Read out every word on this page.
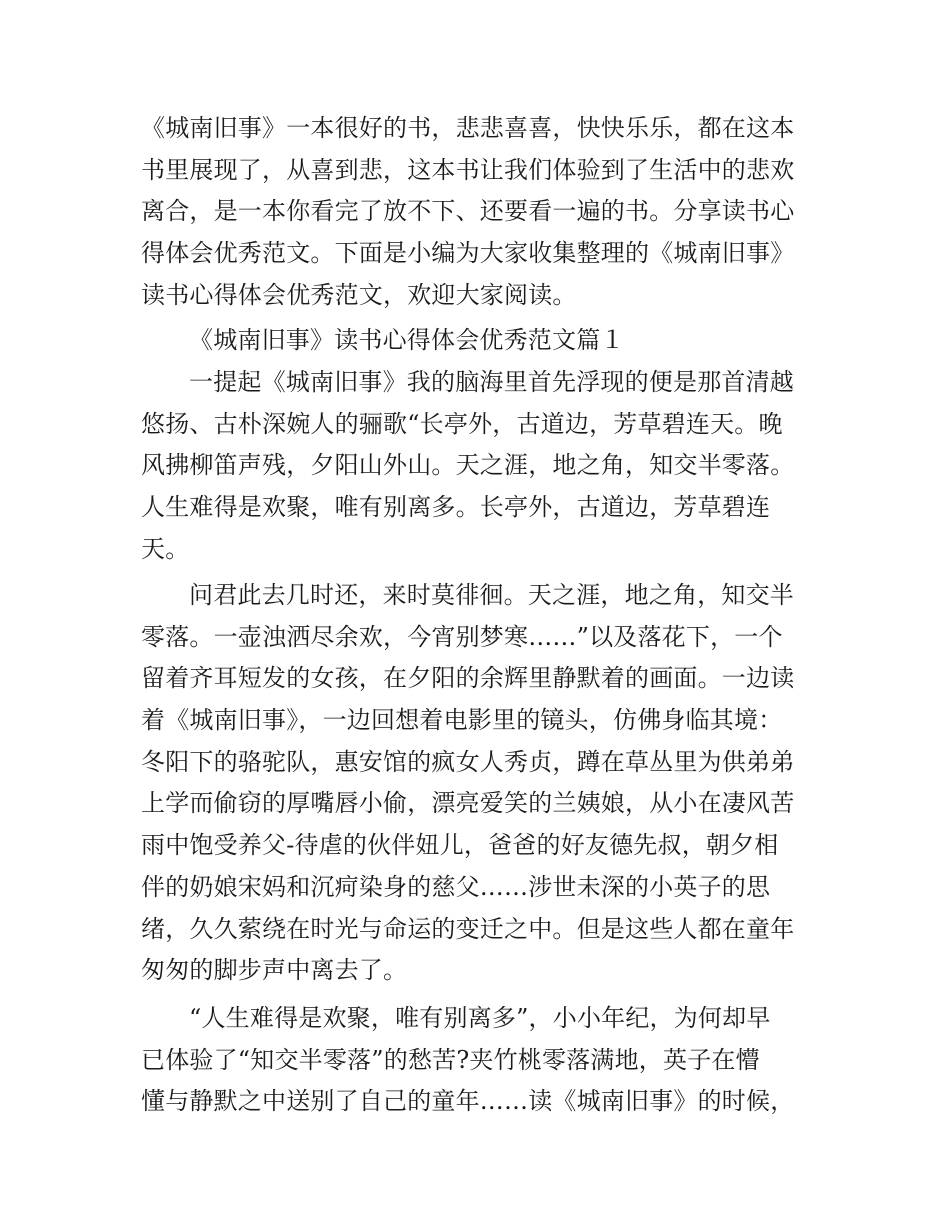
《城南旧事》一本很好的书，悲悲喜喜，快快乐乐，都在这本
书里展现了，从喜到悲，这本书让我们体验到了生活中的悲欢
离合，是一本你看完了放不下、还要看一遍的书。分享读书心
得体会优秀范文。下面是小编为大家收集整理的《城南旧事》
读书心得体会优秀范文，欢迎大家阅读。
《城南旧事》读书心得体会优秀范文篇１
一提起《城南旧事》我的脑海里首先浮现的便是那首清越
悠扬、古朴深婉人的骊歌“长亭外，古道边，芳草碧连天。晚
风拂柳笛声残，夕阳山外山。天之涯，地之角，知交半零落。
人生难得是欢聚，唯有别离多。长亭外，古道边，芳草碧连
天。
问君此去几时还，来时莫徘徊。天之涯，地之角，知交半
零落。一壶浊洒尽余欢，今宵别梦寒……”以及落花下，一个
留着齐耳短发的女孩，在夕阳的余辉里静默着的画面。一边读
着《城南旧事》，一边回想着电影里的镜头，仿佛身临其境：
冬阳下的骆驼队，惠安馆的疯女人秀贞，蹲在草丛里为供弟弟
上学而偷窃的厚嘴唇小偷，漂亮爱笑的兰姨娘，从小在凄风苦
雨中饱受养父-待虐的伙伴妞儿，爸爸的好友德先叔，朝夕相
伴的奶娘宋妈和沉疴染身的慈父……涉世未深的小英子的思
绪，久久萦绕在时光与命运的变迁之中。但是这些人都在童年
匆匆的脚步声中离去了。
“人生难得是欢聚，唯有别离多”，小小年纪，为何却早
已体验了“知交半零落”的愁苦?夹竹桃零落满地，英子在懵
懂与静默之中送别了自己的童年……读《城南旧事》的时候，
